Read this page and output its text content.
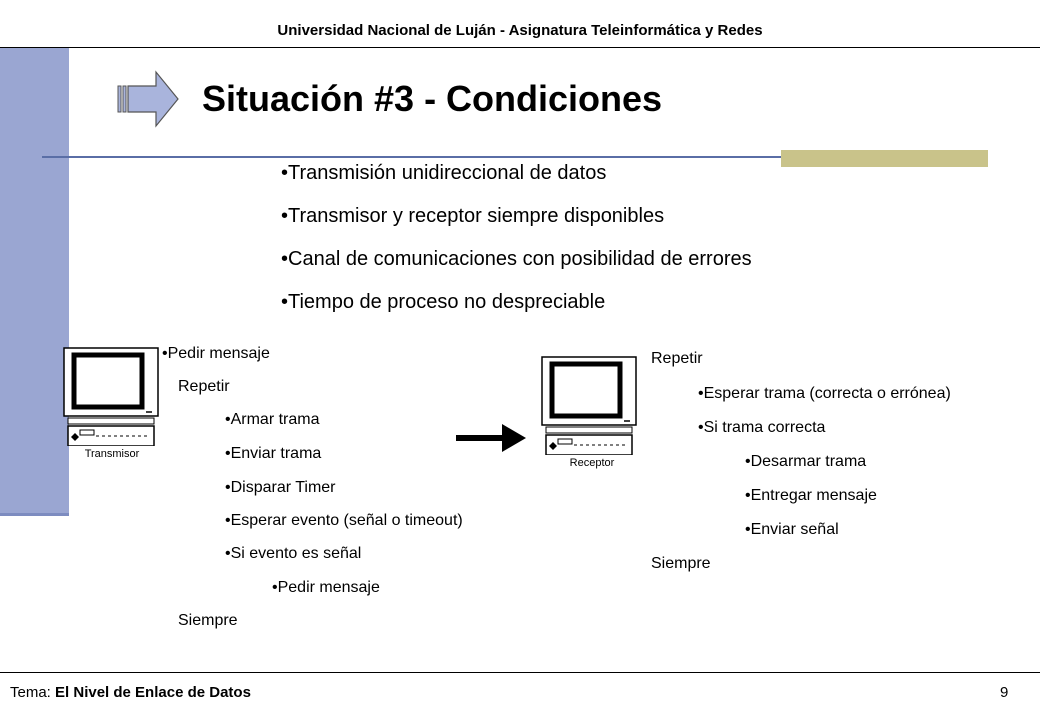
Universidad Nacional de Luján - Asignatura Teleinformática y Redes
Situación #3 - Condiciones
•Transmisión unidireccional de datos
•Transmisor y receptor siempre disponibles
•Canal de comunicaciones con posibilidad de errores
•Tiempo de proceso no despreciable
Transmisor
•Pedir mensaje
Repetir
•Armar trama
•Enviar trama
•Disparar Timer
•Esperar evento (señal o timeout)
•Si evento es señal
•Pedir mensaje
Siempre
Receptor
Repetir
•Esperar trama (correcta o errónea)
•Si trama correcta
•Desarmar trama
•Entregar mensaje
•Enviar señal
Siempre
Tema: El Nivel de Enlace de Datos	9
